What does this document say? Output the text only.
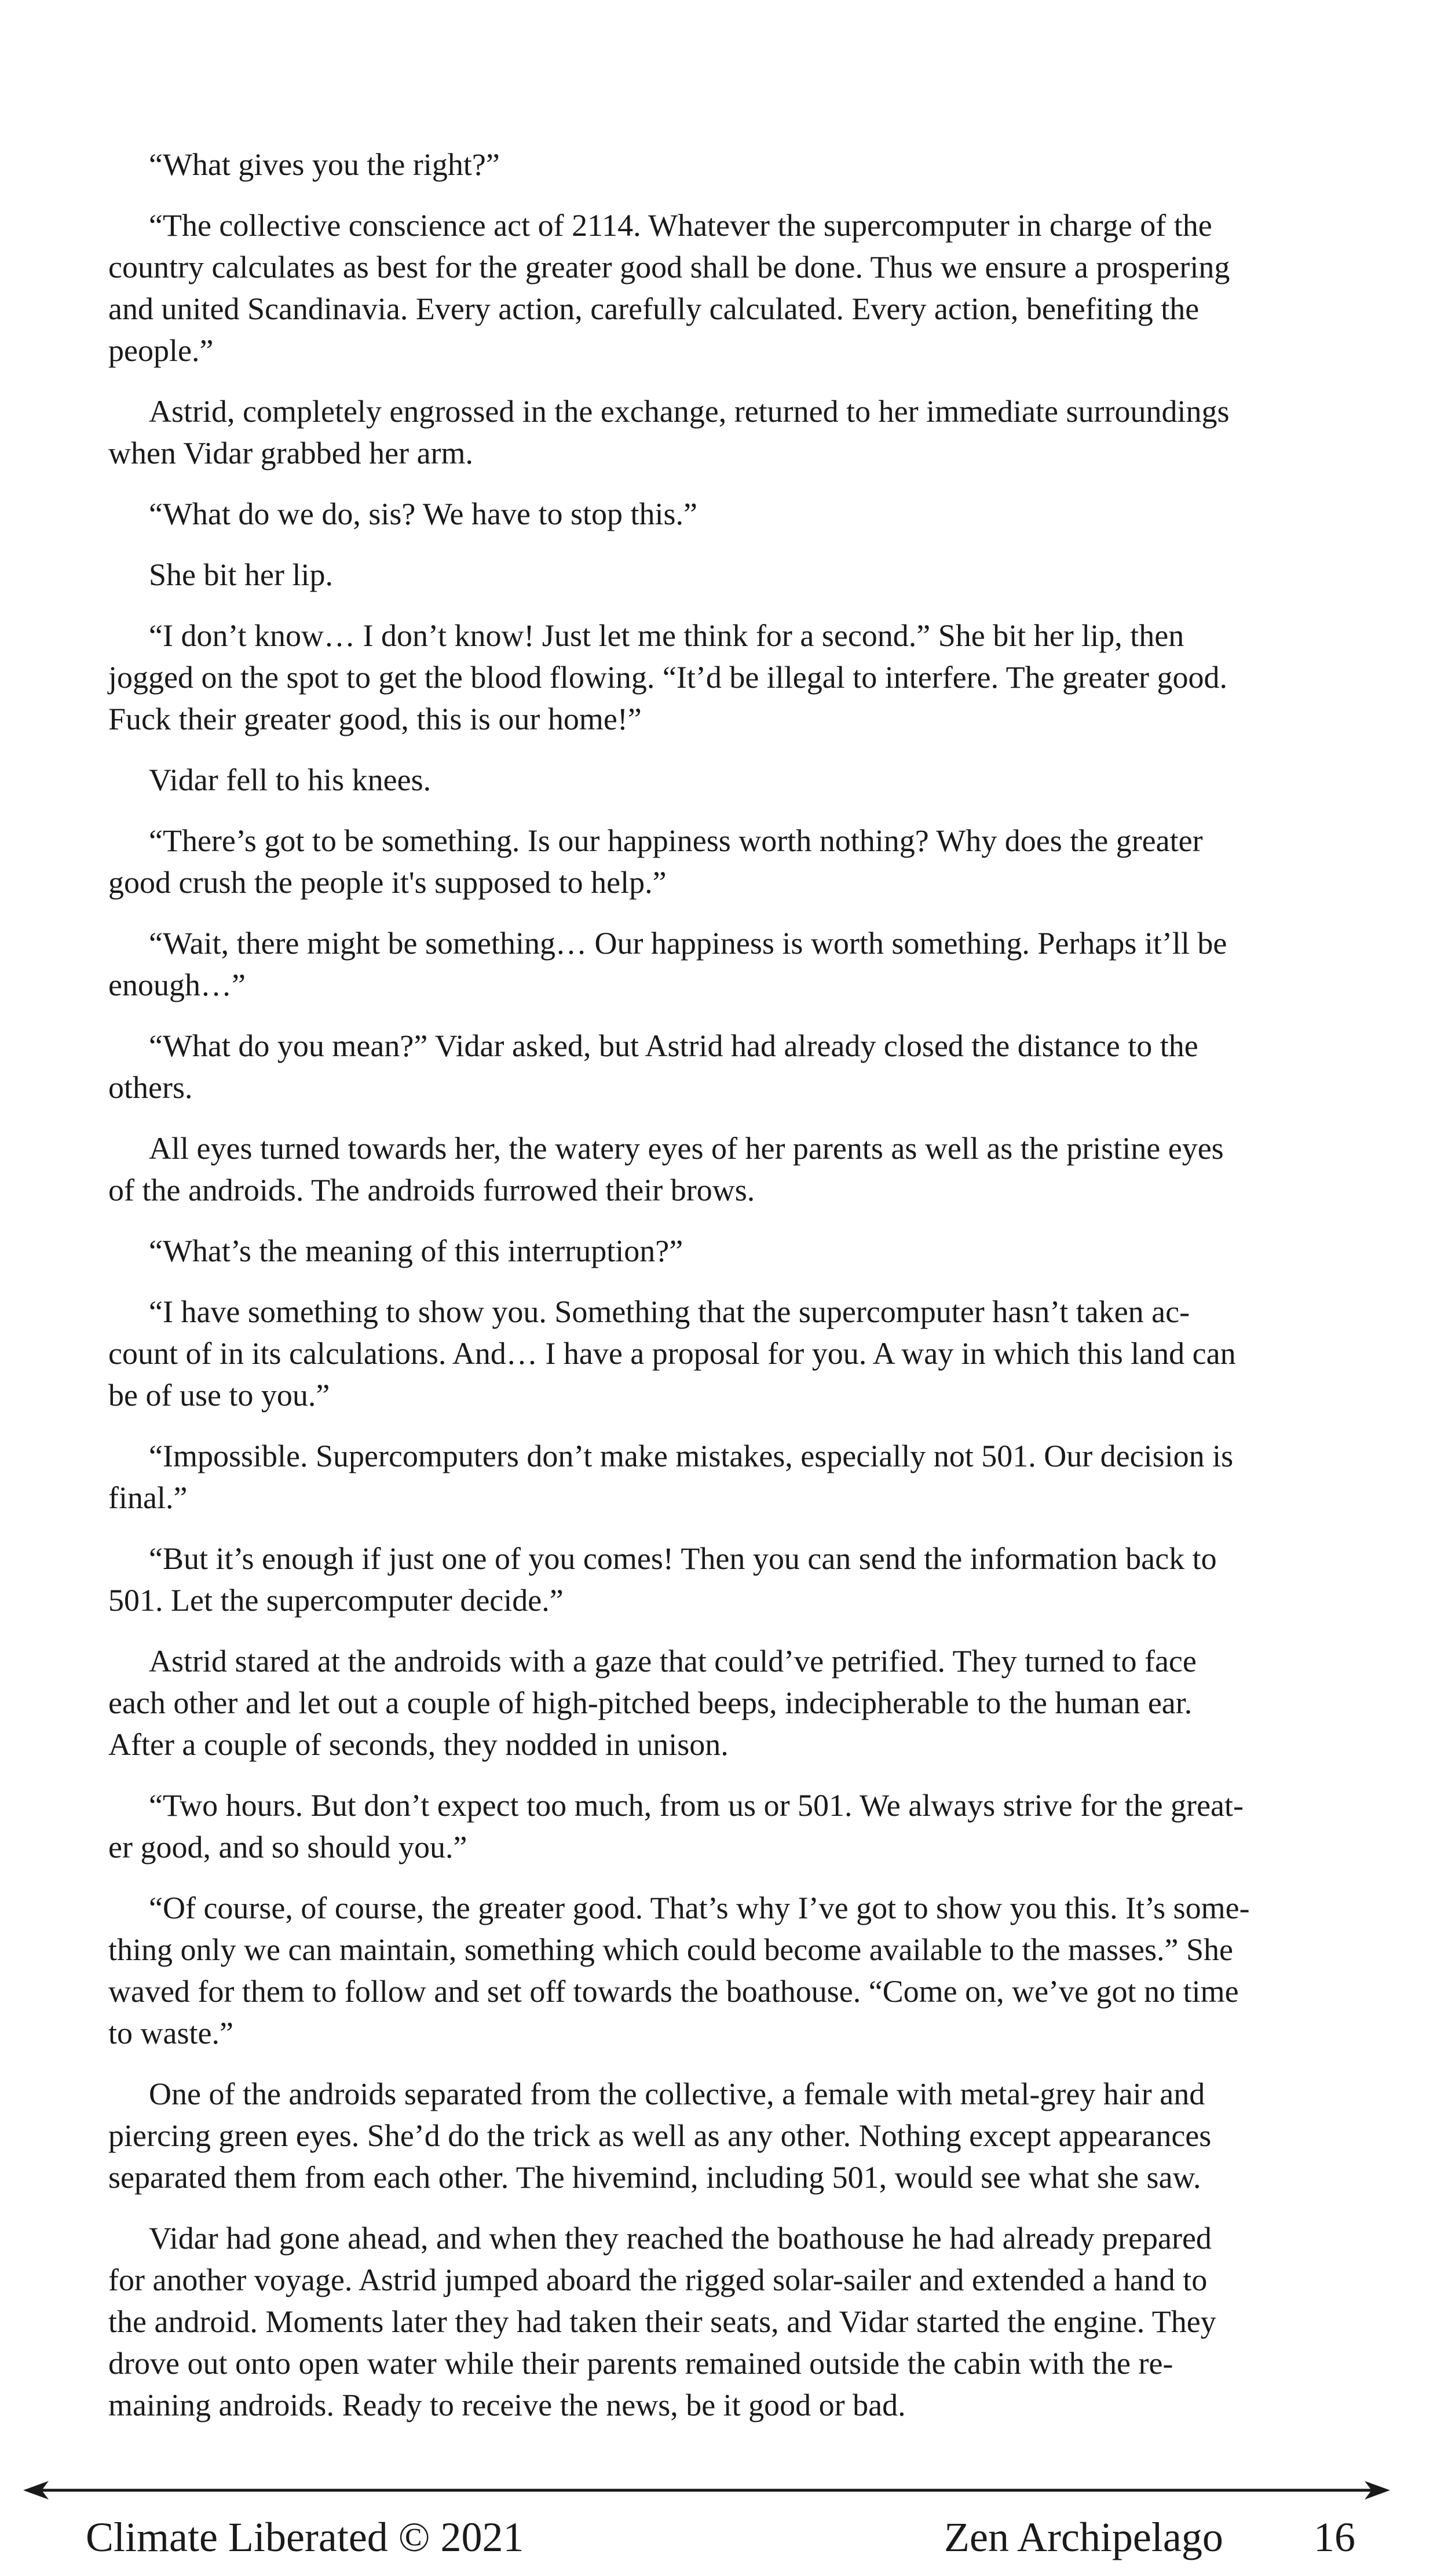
“What gives you the right?”

“The collective conscience act of 2114. Whatever the supercomputer in charge of the
country calculates as best for the greater good shall be done. Thus we ensure a prospering
and united Scandinavia. Every action, carefully calculated. Every action, benefiting the
people.”

Astrid, completely engrossed in the exchange, returned to her immediate surroundings
when Vidar grabbed her arm.

“What do we do, sis? We have to stop this.”

She bit her lip.

“I don’t know… I don’t know! Just let me think for a second.” She bit her lip, then
jogged on the spot to get the blood flowing. “It’d be illegal to interfere. The greater good.
Fuck their greater good, this is our home!”

Vidar fell to his knees.

“There’s got to be something. Is our happiness worth nothing? Why does the greater
good crush the people it's supposed to help.”

“Wait, there might be something… Our happiness is worth something. Perhaps it’ll be
enough…”

“What do you mean?” Vidar asked, but Astrid had already closed the distance to the
others.

All eyes turned towards her, the watery eyes of her parents as well as the pristine eyes
of the androids. The androids furrowed their brows.

“What’s the meaning of this interruption?”

“I have something to show you. Something that the supercomputer hasn’t taken ac-
count of in its calculations. And… I have a proposal for you. A way in which this land can
be of use to you.”

“Impossible. Supercomputers don’t make mistakes, especially not 501. Our decision is
final.”

“But it’s enough if just one of you comes! Then you can send the information back to
501. Let the supercomputer decide.”

Astrid stared at the androids with a gaze that could’ve petrified. They turned to face
each other and let out a couple of high-pitched beeps, indecipherable to the human ear.
After a couple of seconds, they nodded in unison.

“Two hours. But don’t expect too much, from us or 501. We always strive for the great-
er good, and so should you.”

“Of course, of course, the greater good. That’s why I’ve got to show you this. It’s some-
thing only we can maintain, something which could become available to the masses.” She
waved for them to follow and set off towards the boathouse. “Come on, we’ve got no time
to waste.”

One of the androids separated from the collective, a female with metal-grey hair and
piercing green eyes. She’d do the trick as well as any other. Nothing except appearances
separated them from each other. The hivemind, including 501, would see what she saw.

Vidar had gone ahead, and when they reached the boathouse he had already prepared
for another voyage. Astrid jumped aboard the rigged solar-sailer and extended a hand to
the android. Moments later they had taken their seats, and Vidar started the engine. They
drove out onto open water while their parents remained outside the cabin with the re-
maining androids. Ready to receive the news, be it good or bad.

Climate Liberated © 2021	Zen Archipelago 16
